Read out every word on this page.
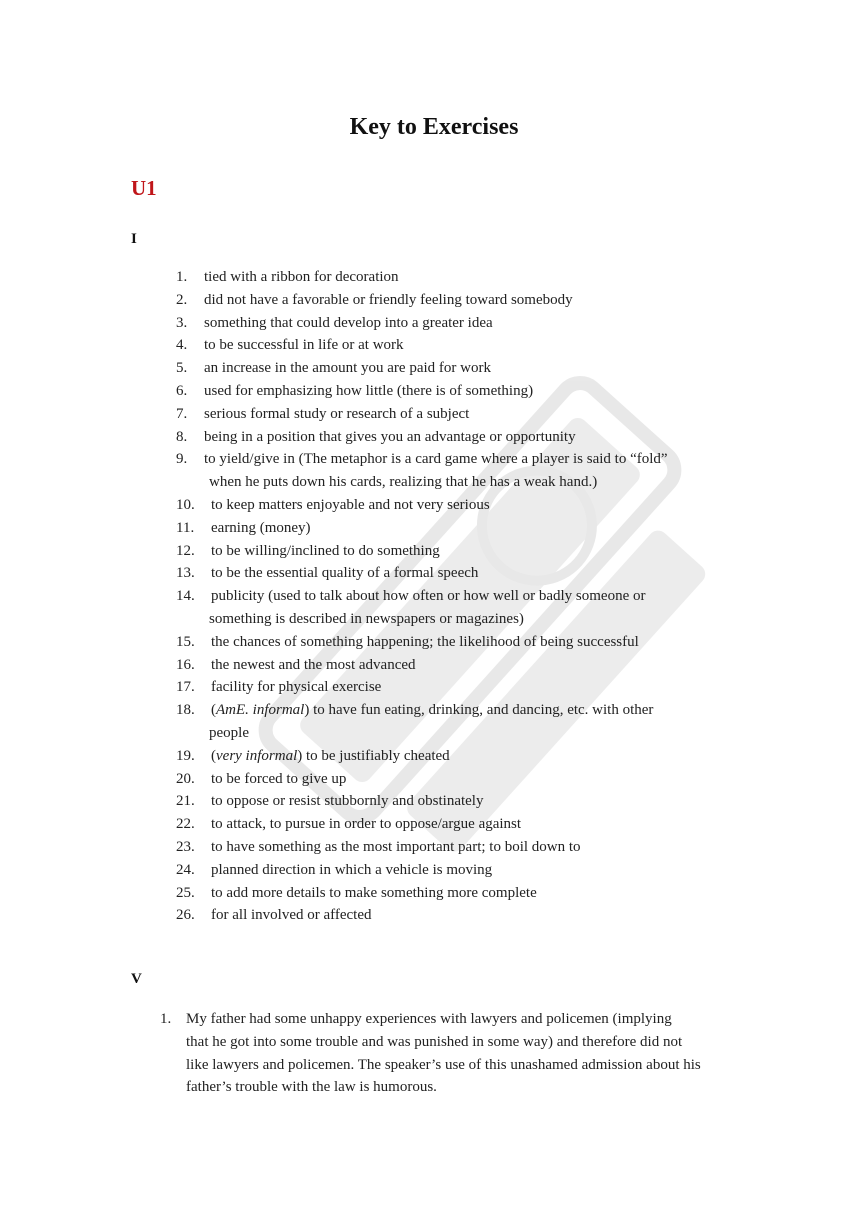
Key to Exercises
U1
I
1.	tied with a ribbon for decoration
2.	did not have a favorable or friendly feeling toward somebody
3.	something that could develop into a greater idea
4.	to be successful in life or at work
5.	an increase in the amount you are paid for work
6.	used for emphasizing how little (there is of something)
7.	serious formal study or research of a subject
8.	being in a position that gives you an advantage or opportunity
9.	to yield/give in (The metaphor is a card game where a player is said to “fold”
when he puts down his cards, realizing that he has a weak hand.)
10.	to keep matters enjoyable and not very serious
11.	earning (money)
12.	to be willing/inclined to do something
13.	to be the essential quality of a formal speech
14.	publicity (used to talk about how often or how well or badly someone or
something is described in newspapers or magazines)
15.	the chances of something happening; the likelihood of being successful
16.	the newest and the most advanced
17.	facility for physical exercise
18.	(AmE. informal) to have fun eating, drinking, and dancing, etc. with other
people
19.	(very informal) to be justifiably cheated
20.	to be forced to give up
21.	to oppose or resist stubbornly and obstinately
22.	to attack, to pursue in order to oppose/argue against
23.	to have something as the most important part; to boil down to
24.	planned direction in which a vehicle is moving
25.	to add more details to make something more complete
26.	for all involved or affected
V
1. My father had some unhappy experiences with lawyers and policemen (implying
that he got into some trouble and was punished in some way) and therefore did not
like lawyers and policemen. The speaker’s use of this unashamed admission about his
father’s trouble with the law is humorous.
